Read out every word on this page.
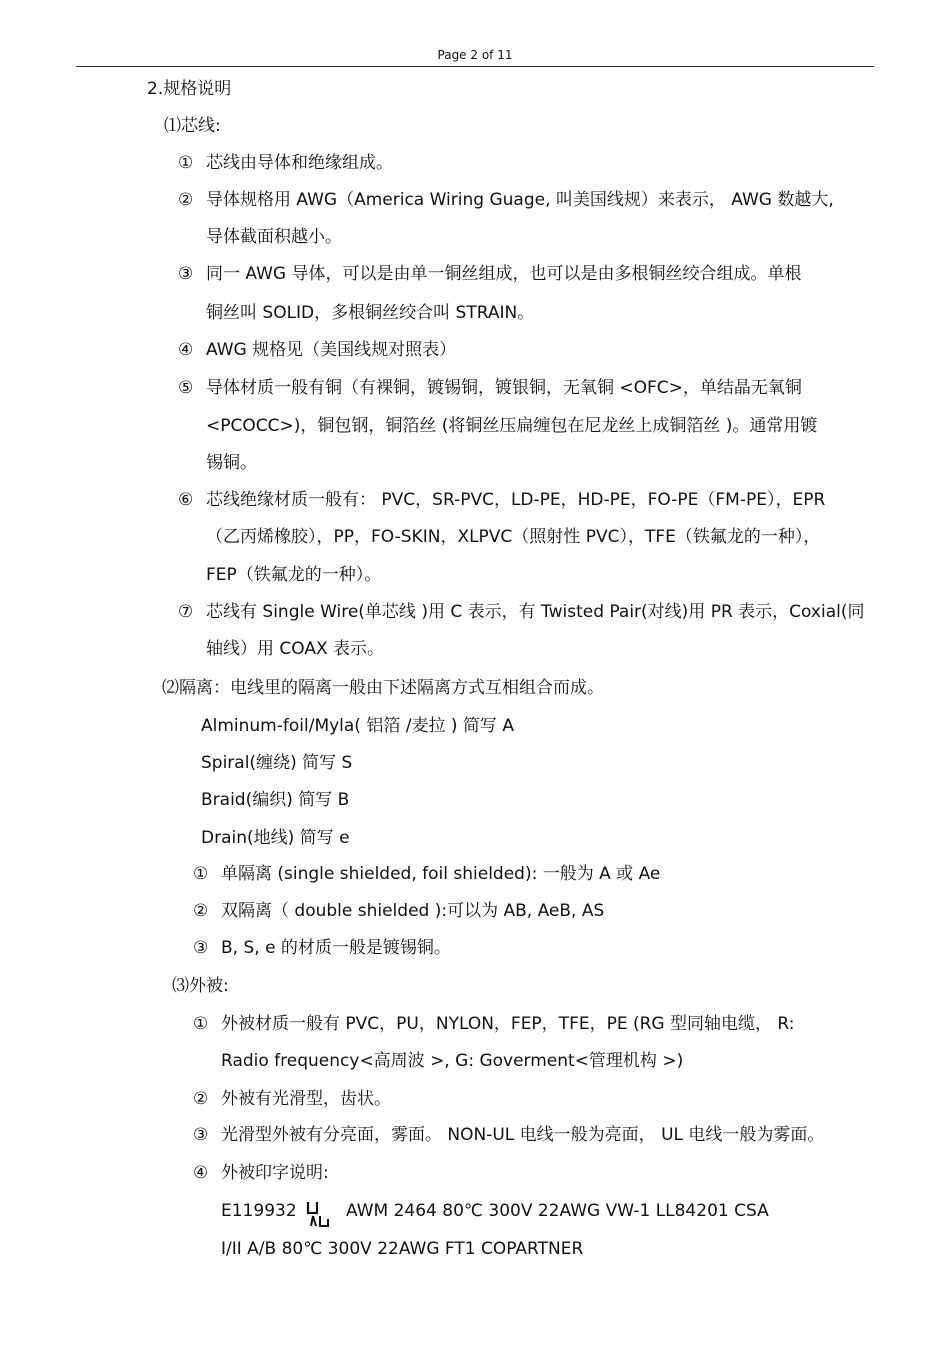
Page 2 of 11
2.规格说明
⑴芯线:
① 芯线由导体和绝缘组成。
② 导体规格用 AWG（America Wiring Guage, 叫美国线规）来表示， AWG 数越大,
导体截面积越小。
③ 同一 AWG 导体，可以是由单一铜丝组成，也可以是由多根铜丝绞合组成。单根
铜丝叫 SOLID，多根铜丝绞合叫 STRAIN。
④ AWG 规格见（美国线规对照表）
⑤ 导体材质一般有铜（有裸铜，镀锡铜，镀银铜，无氧铜 <OFC>，单结晶无氧铜
<PCOCC>)，铜包钢，铜箔丝 (将铜丝压扁缠包在尼龙丝上成铜箔丝 )。通常用镀
锡铜。
⑥ 芯线绝缘材质一般有： PVC，SR-PVC，LD-PE，HD-PE，FO-PE（FM-PE），EPR
（乙丙烯橡胶），PP，FO-SKIN，XLPVC（照射性 PVC），TFE（铁氟龙的一种），
FEP（铁氟龙的一种）。
⑦ 芯线有 Single Wire(单芯线 )用 C 表示，有 Twisted Pair(对线)用 PR 表示，Coxial(同
轴线）用 COAX 表示。
⑵隔离：电线里的隔离一般由下述隔离方式互相组合而成。
Alminum-foil/Myla( 铝箔 /麦拉 ) 简写 A
Spiral(缠绕) 简写 S
Braid(编织) 简写 B
Drain(地线) 简写 e
① 单隔离 (single shielded, foil shielded): 一般为 A 或 Ae
② 双隔离（ double shielded ):可以为 AB, AeB, AS
③ B, S, e 的材质一般是镀锡铜。
⑶外被:
① 外被材质一般有 PVC，PU，NYLON，FEP，TFE，PE (RG 型同轴电缆， R:
Radio frequency<高周波 >, G: Goverment<管理机构 >)
② 外被有光滑型，齿状。
③ 光滑型外被有分亮面，雾面。 NON-UL 电线一般为亮面， UL 电线一般为雾面。
④ 外被印字说明:
E119932	AWM 2464 80℃ 300V 22AWG VW-1 LL84201 CSA
I/II A/B 80℃ 300V 22AWG FT1 COPARTNER
